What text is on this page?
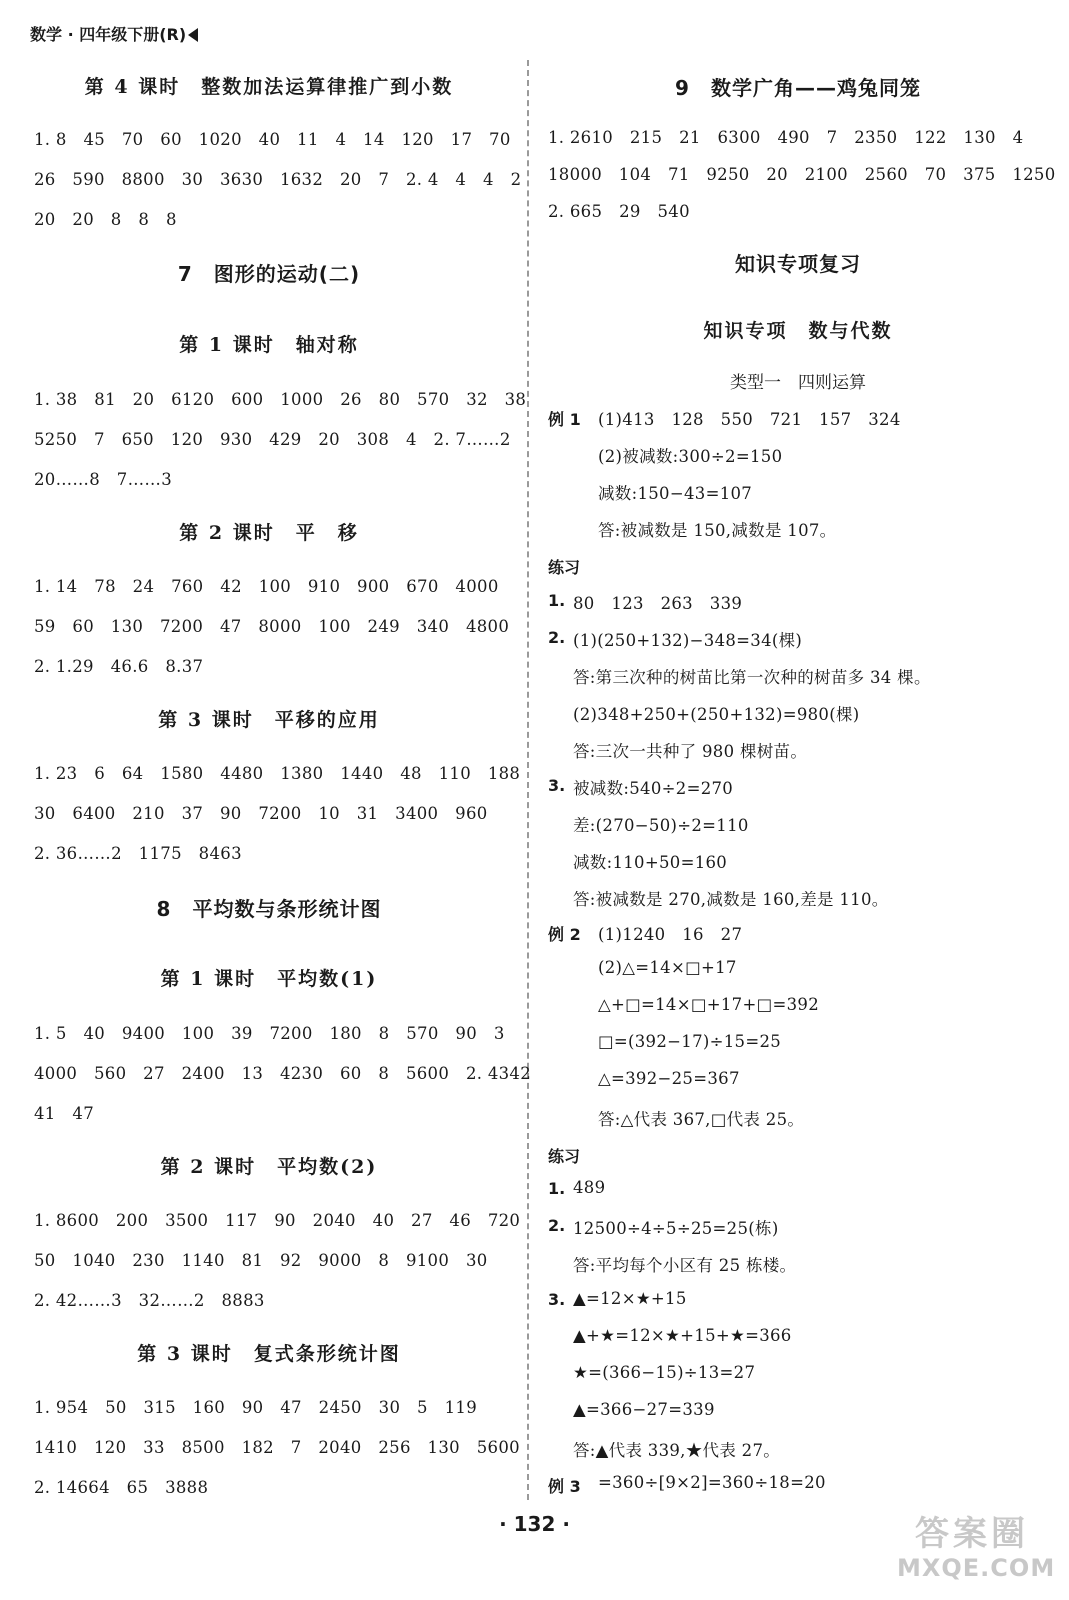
数学 · 四年级下册(R)
第 4 课时　整数加法运算律推广到小数
1. 8　45　70　60　1020　40　11　4　14　120　17　70
26　590　8800　30　3630　1632　20　7　2. 4　4　4　2
20　20　8　8　8
7　图形的运动(二)
第 1 课时　轴对称
1. 38　81　20　6120　600　1000　26　80　570　32　38
5250　7　650　120　930　429　20　308　4　2. 7……2
20……8　7……3
第 2 课时　平　移
1. 14　78　24　760　42　100　910　900　670　4000
59　60　130　7200　47　8000　100　249　340　4800
2. 1.29　46.6　8.37
第 3 课时　平移的应用
1. 23　6　64　1580　4480　1380　1440　48　110　188
30　6400　210　37　90　7200　10　31　3400　960
2. 36……2　1175　8463
8　平均数与条形统计图
第 1 课时　平均数(1)
1. 5　40　9400　100　39　7200　180　8　570　90　3
4000　560　27　2400　13　4230　60　8　5600　2. 4342
41　47
第 2 课时　平均数(2)
1. 8600　200　3500　117　90　2040　40　27　46　720
50　1040　230　1140　81　92　9000　8　9100　30
2. 42……3　32……2　8883
第 3 课时　复式条形统计图
1. 954　50　315　160　90　47　2450　30　5　119
1410　120　33　8500　182　7　2040　256　130　5600
2. 14664　65　3888
9　数学广角——鸡兔同笼
1. 2610　215　21　6300　490　7　2350　122　130　4
18000　104　71　9250　20　2100　2560　70　375　1250
2. 665　29　540
知识专项复习
知识专项　数与代数
类型一　四则运算
例 1 (1)413　128　550　721　157　324
(2)被减数:300÷2=150
减数:150−43=107
答:被减数是 150,减数是 107。
练习
1. 80　123　263　339
2. (1)(250+132)−348=34(棵)
答:第三次种的树苗比第一次种的树苗多 34 棵。
(2)348+250+(250+132)=980(棵)
答:三次一共种了 980 棵树苗。
3. 被减数:540÷2=270
差:(270−50)÷2=110
减数:110+50=160
答:被减数是 270,减数是 160,差是 110。
例 2 (1)1240　16　27
(2)△=14×□+17
△+□=14×□+17+□=392
□=(392−17)÷15=25
△=392−25=367
答:△代表 367,□代表 25。
练习
1. 489
2. 12500÷4÷5÷25=25(栋)
答:平均每个小区有 25 栋楼。
3. ▲=12×★+15
▲+★=12×★+15+★=366
★=(366−15)÷13=27
▲=366−27=339
答:▲代表 339,★代表 27。
例 3 =360÷[9×2]=360÷18=20
· 132 ·	答案圈
MXQE.COM
